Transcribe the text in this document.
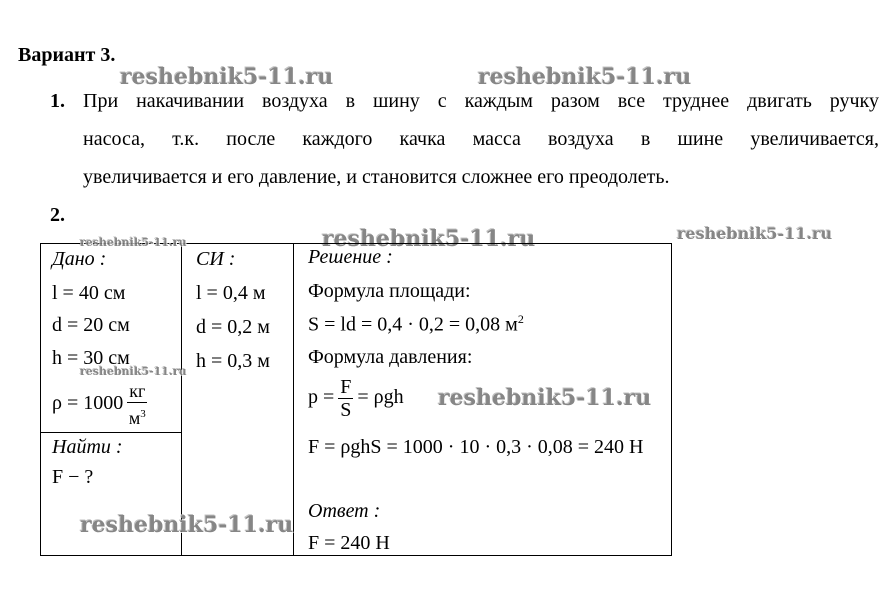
Вариант 3.
reshebnik5-11.ru	reshebnik5-11.ru
1. При накачивании воздуха в шину с каждым разом все труднее двигать ручку
насоса, т.к. после каждого качка масса воздуха в шине увеличивается,
увеличивается и его давление, и становится сложнее его преодолеть.
2.
reshebnik5-11.ru	reshebnik5-11.ru
reshebnik5-11.ru
Дано :
l = 40 см
d = 20 см
h = 30 см
reshebnik5-11.ru
$\rho = 1000 \frac{кг}{м^3}$
Найти :
F − ?
СИ :
l = 0,4 м
d = 0,2 м
h = 0,3 м
Решение :
Формула площади:
S = ld = 0,4 · 0,2 = 0,08 $м^2$
Формула давления:
$p = \frac{F}{S} = \rho gh$ reshebnik5-11.ru
F = ρghS = 1000 · 10 · 0,3 · 0,08 = 240 Н
Ответ :
F = 240 Н
reshebnik5-11.ru
